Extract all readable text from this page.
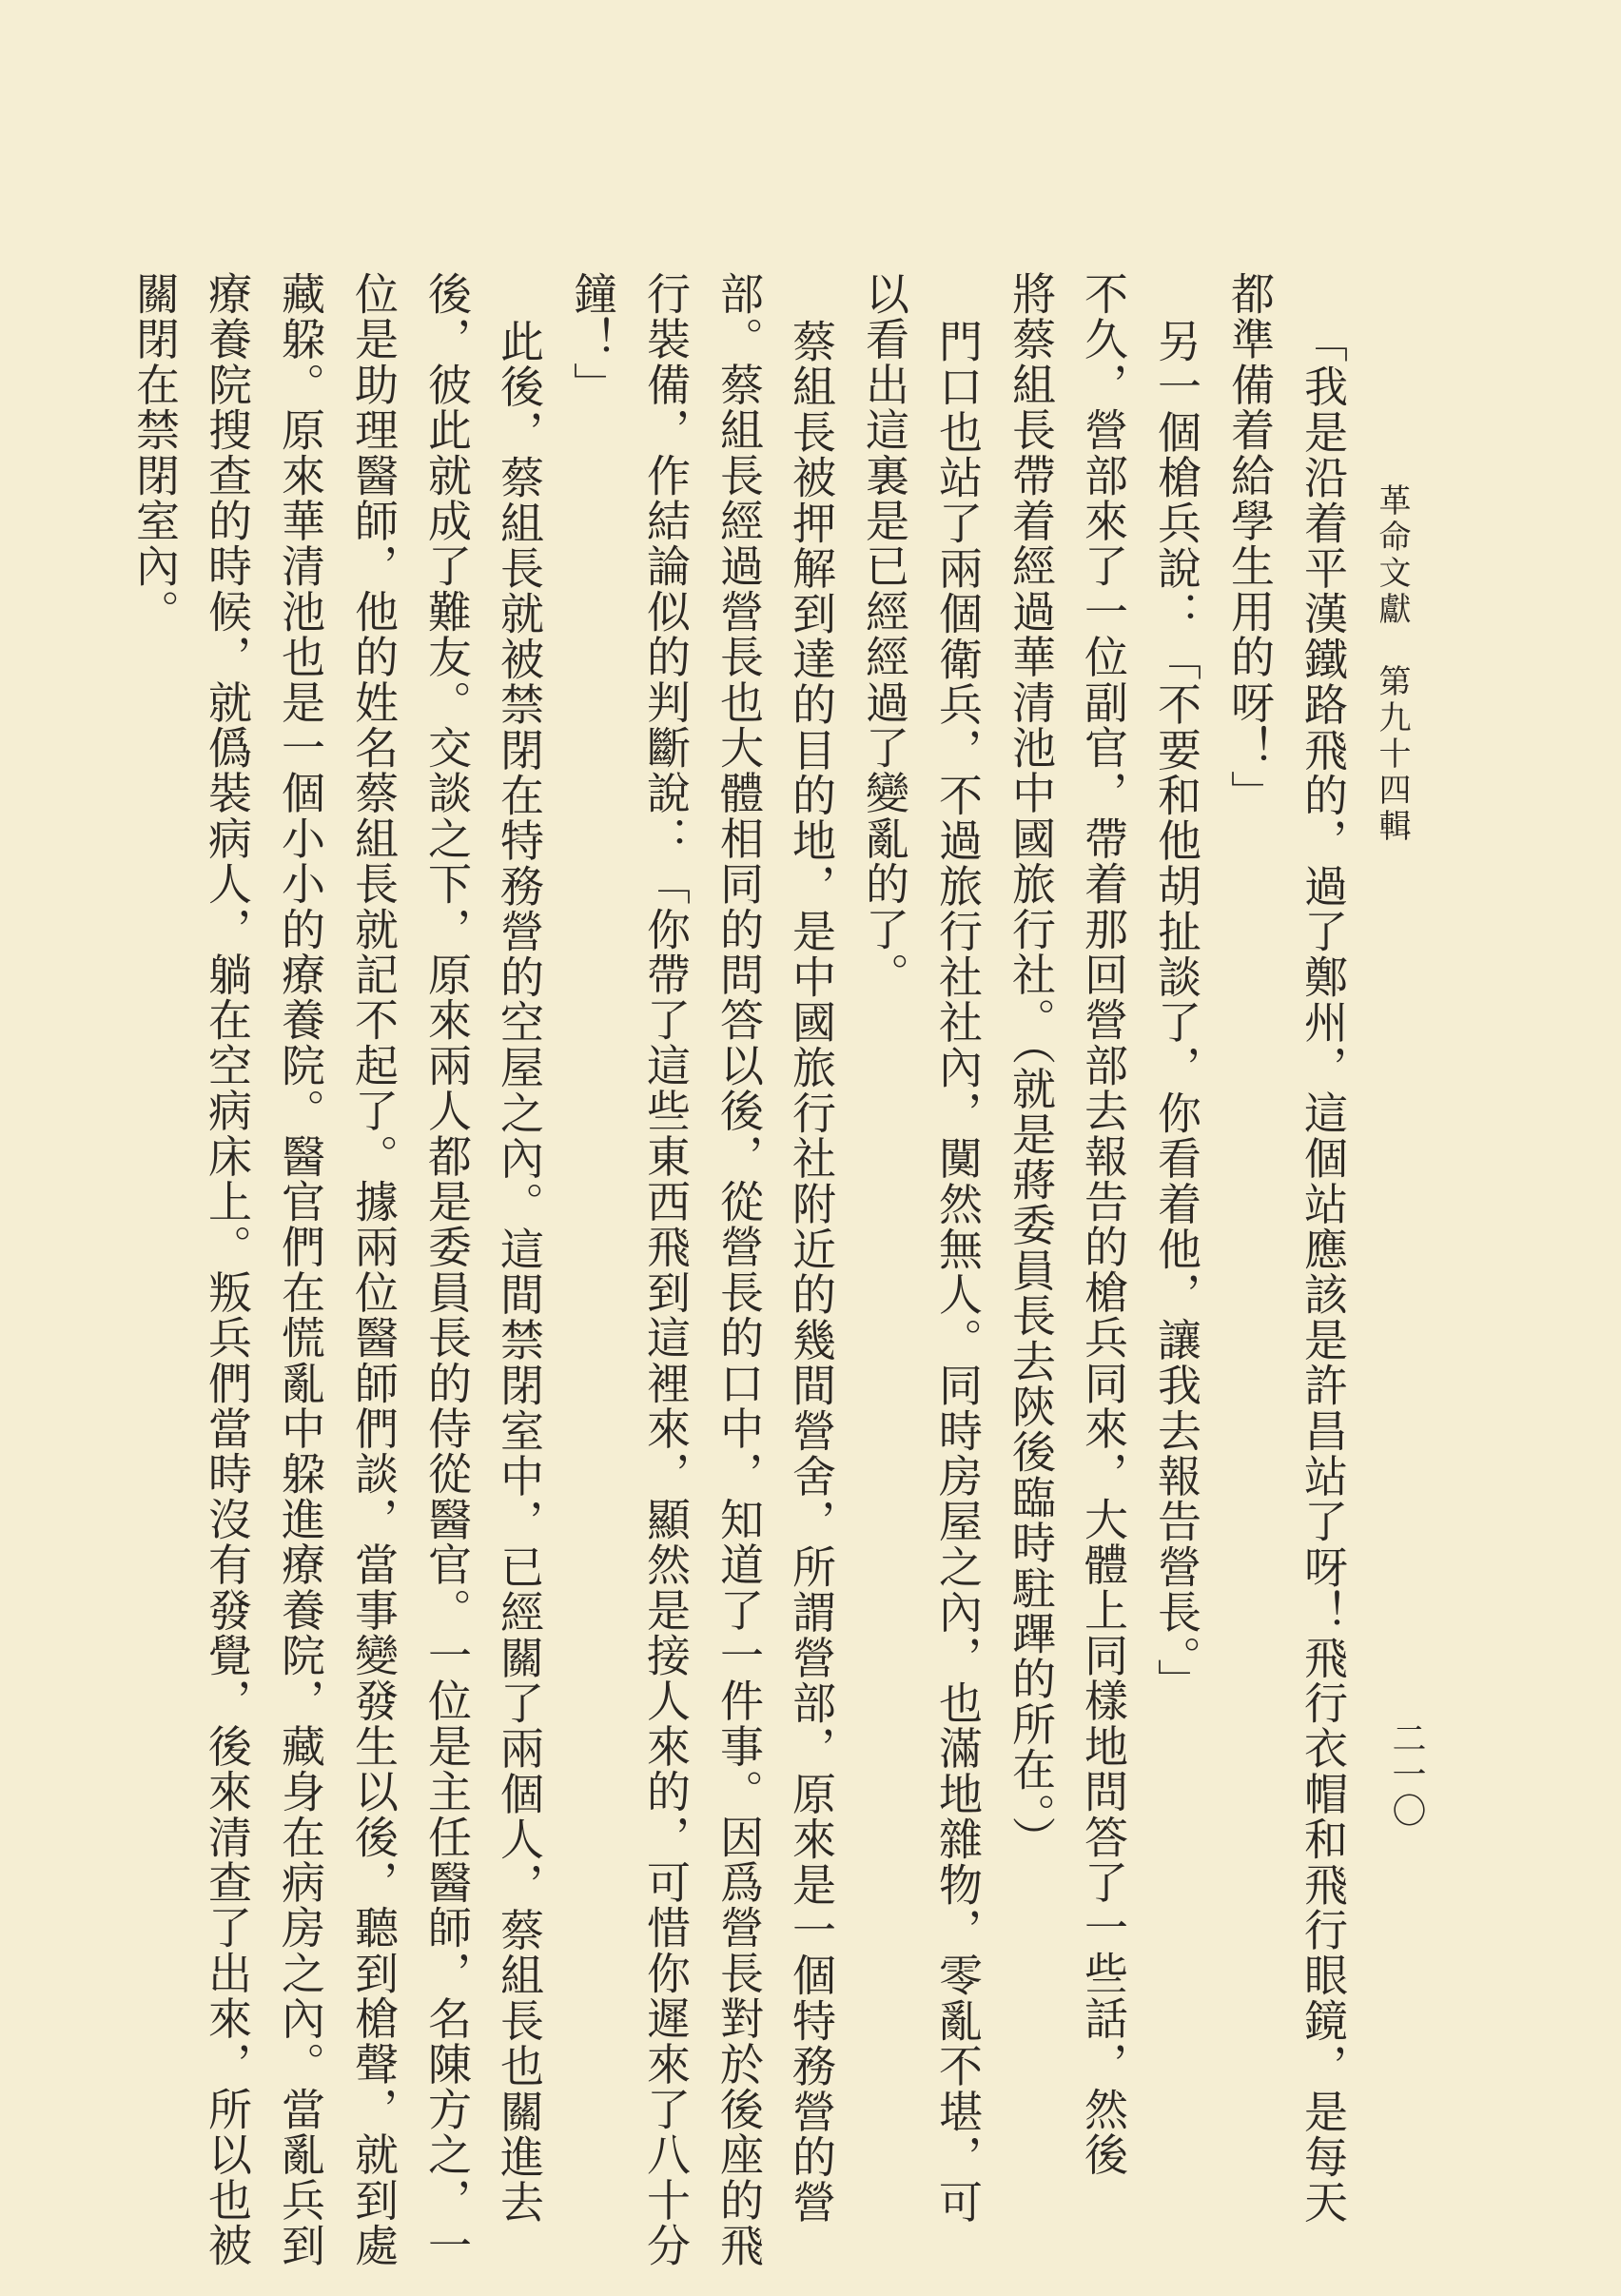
革命文獻　第九十四輯
二一〇
「我是沿着平漢鐵路飛的，過了鄭州，這個站應該是許昌站了呀！飛行衣帽和飛行眼鏡，是每天
都準備着給學生用的呀！」
另一個槍兵說：「不要和他胡扯談了，你看着他，讓我去報告營長。」
不久，營部來了一位副官，帶着那回營部去報告的槍兵同來，大體上同樣地問答了一些話，然後
將蔡組長帶着經過華清池中國旅行社。（就是蔣委員長去陝後臨時駐蹕的所在。）
門口也站了兩個衛兵，不過旅行社社內，闃然無人。同時房屋之內，也滿地雜物，零亂不堪，可
以看出這裏是已經經過了變亂的了。
蔡組長被押解到達的目的地，是中國旅行社附近的幾間營舍，所謂營部，原來是一個特務營的營
部。蔡組長經過營長也大體相同的問答以後，從營長的口中，知道了一件事。因爲營長對於後座的飛
行裝備，作結論似的判斷說：「你帶了這些東西飛到這裡來，顯然是接人來的，可惜你遲來了八十分
鐘！」
此後，蔡組長就被禁閉在特務營的空屋之內。這間禁閉室中，已經關了兩個人，蔡組長也關進去
後，彼此就成了難友。交談之下，原來兩人都是委員長的侍從醫官。一位是主任醫師，名陳方之，一
位是助理醫師，他的姓名蔡組長就記不起了。據兩位醫師們談，當事變發生以後，聽到槍聲，就到處
藏躱。原來華清池也是一個小小的療養院。醫官們在慌亂中躱進療養院，藏身在病房之內。當亂兵到
療養院搜查的時候，就僞裝病人，躺在空病床上。叛兵們當時沒有發覺，後來清查了出來，所以也被
關閉在禁閉室內。
